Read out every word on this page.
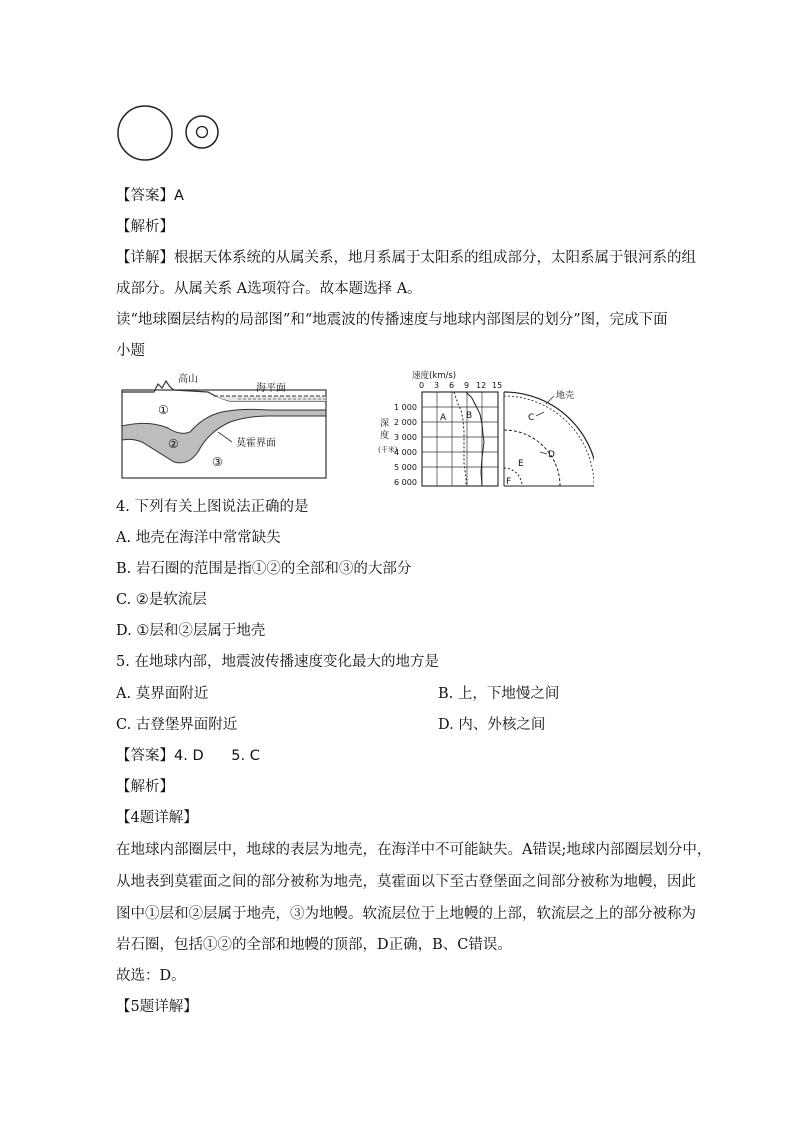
【答案】A
【解析】
【详解】根据天体系统的从属关系，地月系属于太阳系的组成部分，太阳系属于银河系的组
成部分。从属关系 A选项符合。故本题选择 A。
读“地球圈层结构的局部图”和“地震波的传播速度与地球内部图层的划分”图，完成下面
小题
高山
海平面
莫霍界面
①
②
③
速度(km/s)
0 3 6 9 12 15
1 000
2 000
3 000
4 000
5 000
6 000
深
度
(千米)
A B
地壳
C
D
E
F
4. 下列有关上图说法正确的是
A. 地壳在海洋中常常缺失
B. 岩石圈的范围是指①②的全部和③的大部分
C. ②是软流层
D. ①层和②层属于地壳
5. 在地球内部，地震波传播速度变化最大的地方是
A. 莫界面附近	B. 上，下地慢之间
C. 古登堡界面附近	D. 内、外核之间
【答案】4. D      5. C
【解析】
【4题详解】
在地球内部圈层中，地球的表层为地壳，在海洋中不可能缺失。A错误;地球内部圈层划分中，
从地表到莫霍面之间的部分被称为地壳，莫霍面以下至古登堡面之间部分被称为地幔，因此
图中①层和②层属于地壳，③为地幔。软流层位于上地幔的上部，软流层之上的部分被称为
岩石圈，包括①②的全部和地幔的顶部，D正确，B、C错误。
故选：D。
【5题详解】
